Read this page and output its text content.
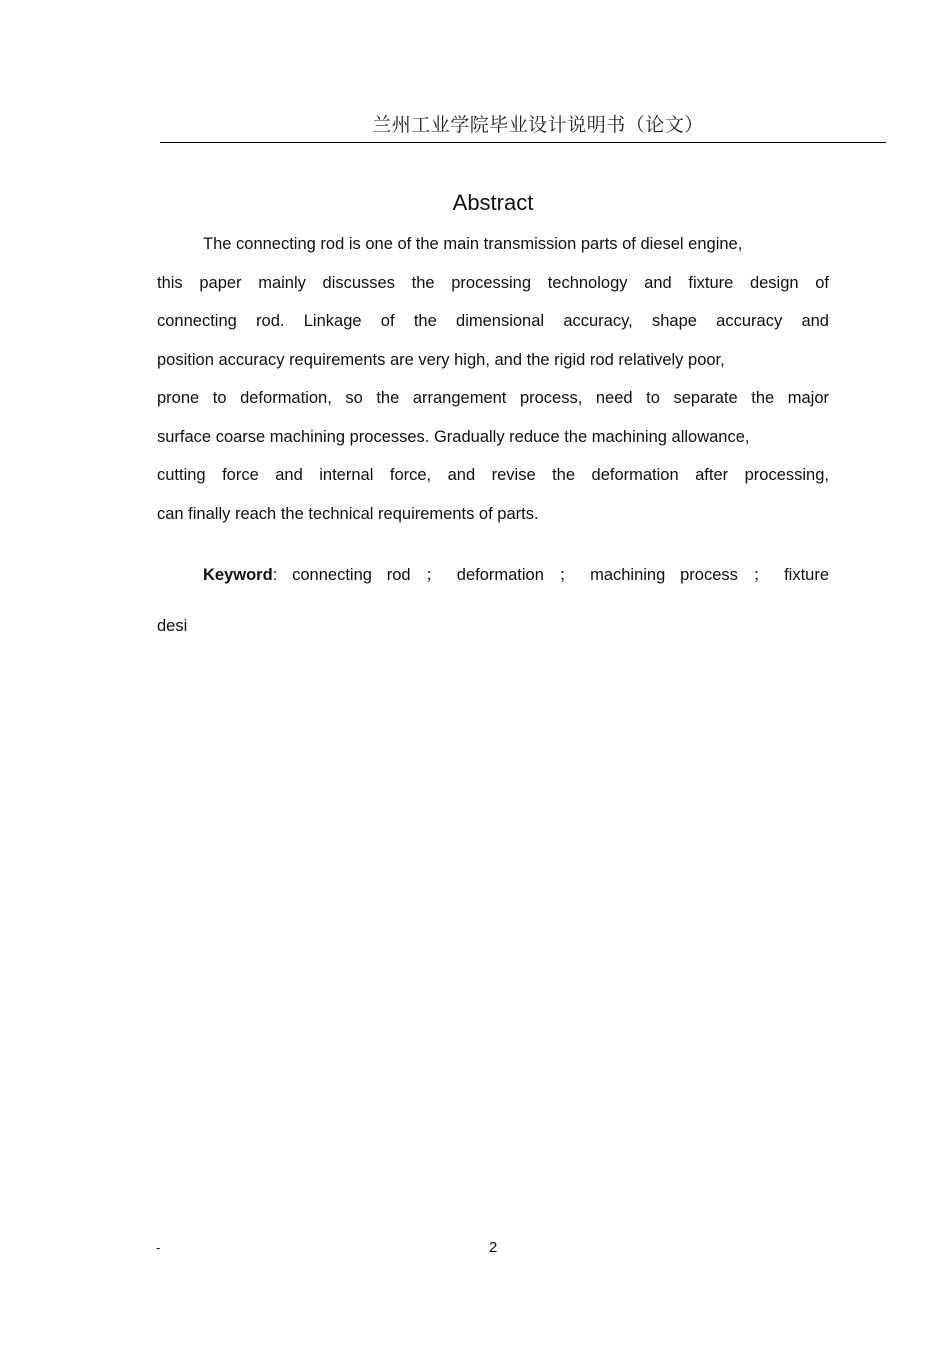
兰州工业学院毕业设计说明书（论文）
Abstract
The connecting rod is one of the main transmission parts of diesel engine,
this paper mainly discusses the processing technology and fixture design of
connecting rod. Linkage of the dimensional accuracy, shape accuracy and
position accuracy requirements are very high, and the rigid rod relatively poor,
prone to deformation, so the arrangement process, need to separate the major
surface coarse machining processes. Gradually reduce the machining allowance,
cutting force and internal force, and revise the deformation after processing,
can finally reach the technical requirements of parts.
Keyword: connecting rod ； deformation ； machining process ； fixture
desi
-	2
